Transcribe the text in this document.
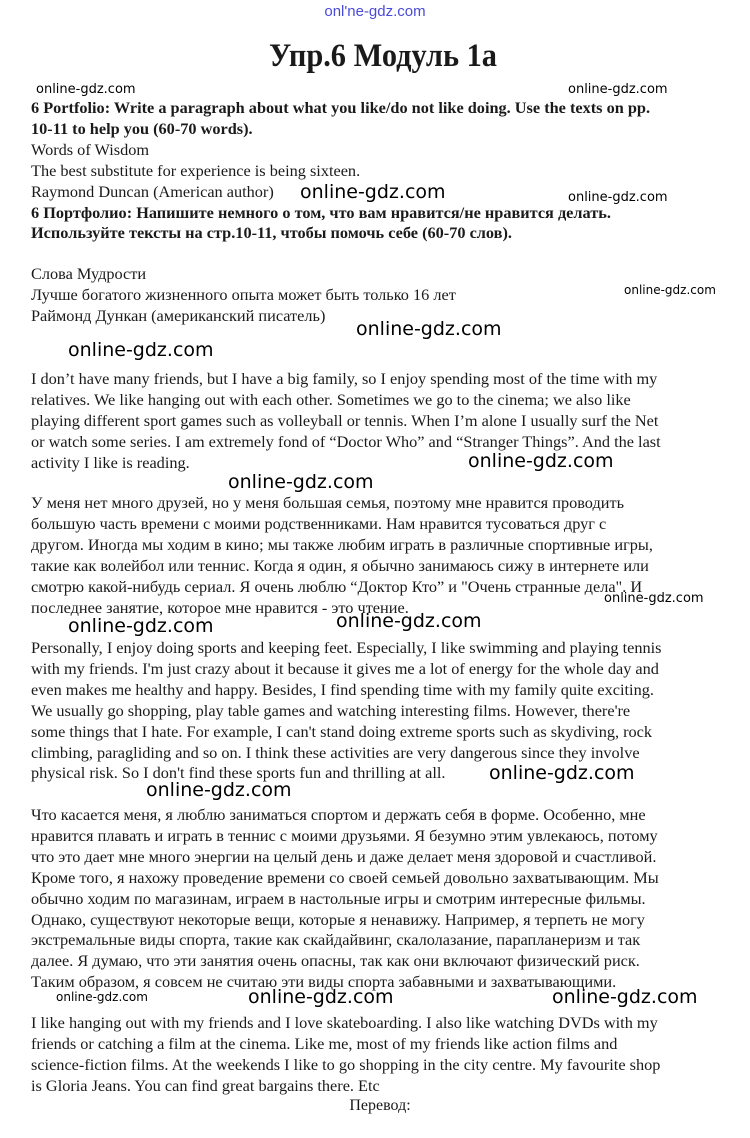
onl'ne-gdz.com
Упр.6 Модуль 1а
6 Portfolio: Write a paragraph about what you like/do not like doing. Use the texts on pp.
10-11 to help you (60-70 words).
Words of Wisdom
The best substitute for experience is being sixteen.
Raymond Duncan (American author)
6 Портфолио: Напишите немного о том, что вам нравится/не нравится делать.
Используйте тексты на стр.10-11, чтобы помочь себе (60-70 слов).
Слова Мудрости
Лучше богатого жизненного опыта может быть только 16 лет
Раймонд Дункан (американский писатель)
I don’t have many friends, but I have a big family, so I enjoy spending most of the time with my
relatives. We like hanging out with each other. Sometimes we go to the cinema; we also like
playing different sport games such as volleyball or tennis. When I’m alone I usually surf the Net
or watch some series. I am extremely fond of “Doctor Who” and “Stranger Things”. And the last
activity I like is reading.
У меня нет много друзей, но у меня большая семья, поэтому мне нравится проводить
большую часть времени с моими родственниками. Нам нравится тусоваться друг с
другом. Иногда мы ходим в кино; мы также любим играть в различные спортивные игры,
такие как волейбол или теннис. Когда я один, я обычно занимаюсь сижу в интернете или
смотрю какой-нибудь сериал. Я очень люблю “Доктор Кто” и "Очень странные дела". И
последнее занятие, которое мне нравится - это чтение.
Personally, I enjoy doing sports and keeping feet. Especially, I like swimming and playing tennis
with my friends. I'm just crazy about it because it gives me a lot of energy for the whole day and
even makes me healthy and happy. Besides, I find spending time with my family quite exciting.
We usually go shopping, play table games and watching interesting films. However, there're
some things that I hate. For example, I can't stand doing extreme sports such as skydiving, rock
climbing, paragliding and so on. I think these activities are very dangerous since they involve
physical risk. So I don't find these sports fun and thrilling at all.
Что касается меня, я люблю заниматься спортом и держать себя в форме. Особенно, мне
нравится плавать и играть в теннис с моими друзьями. Я безумно этим увлекаюсь, потому
что это дает мне много энергии на целый день и даже делает меня здоровой и счастливой.
Кроме того, я нахожу проведение времени со своей семьей довольно захватывающим. Мы
обычно ходим по магазинам, играем в настольные игры и смотрим интересные фильмы.
Однако, существуют некоторые вещи, которые я ненавижу. Например, я терпеть не могу
экстремальные виды спорта, такие как скайдайвинг, скалолазание, парапланеризм и так
далее. Я думаю, что эти занятия очень опасны, так как они включают физический риск.
Таким образом, я совсем не считаю эти виды спорта забавными и захватывающими.
I like hanging out with my friends and I love skateboarding. I also like watching DVDs with my
friends or catching a film at the cinema. Like me, most of my friends like action films and
science-fiction films. At the weekends I like to go shopping in the city centre. My favourite shop
is Gloria Jeans. You can find great bargains there. Etc
Перевод:
online-gdz.com	online-gdz.com
online-gdz.com	online-gdz.com
online-gdz.com
online-gdz.com
online-gdz.com
online-gdz.com
online-gdz.com
online-gdz.com
online-gdz.com
online-gdz.com
online-gdz.com
online-gdz.com
online-gdz.com	online-gdz.com	online-gdz.com
